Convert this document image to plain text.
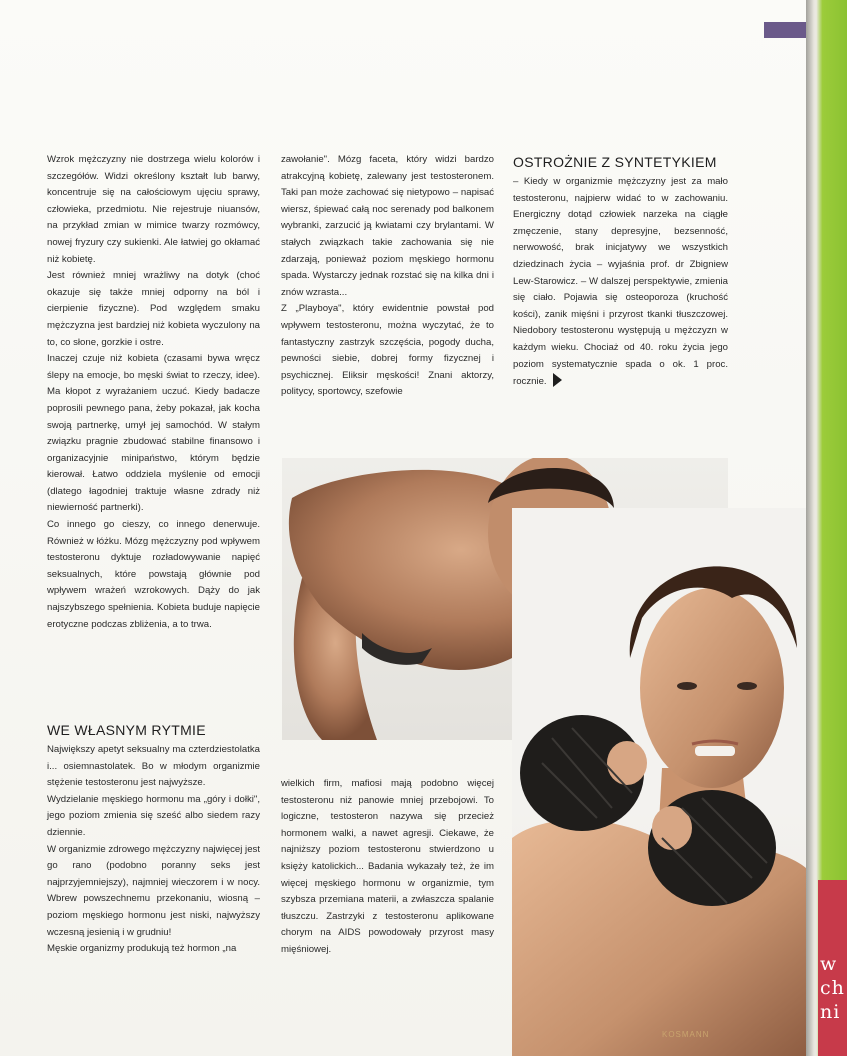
Wzrok mężczyzny nie dostrzega wielu kolorów i szczegółów. Widzi określony kształt lub barwy, koncentruje się na całościowym ujęciu sprawy, człowieka, przedmiotu. Nie rejestruje niuansów, na przykład zmian w mimice twarzy rozmówcy, nowej fryzury czy sukienki. Ale łatwiej go okłamać niż kobietę.

Jest również mniej wrażliwy na dotyk (choć okazuje się także mniej odporny na ból i cierpienie fizyczne). Pod względem smaku mężczyzna jest bardziej niż kobieta wyczulony na to, co słone, gorzkie i ostre.

Inaczej czuje niż kobieta (czasami bywa wręcz ślepy na emocje, bo męski świat to rzeczy, idee). Ma kłopot z wyrażaniem uczuć. Kiedy badacze poprosili pewnego pana, żeby pokazał, jak kocha swoją partnerkę, umył jej samochód. W stałym związku pragnie zbudować stabilne finansowo i organizacyjnie minipaństwo, którym będzie kierował. Łatwo oddziela myślenie od emocji (dlatego łagodniej traktuje własne zdrady niż niewierność partnerki).

Co innego go cieszy, co innego denerwuje. Również w łóżku. Mózg mężczyzny pod wpływem testosteronu dyktuje rozładowywanie napięć seksualnych, które powstają głównie pod wpływem wrażeń wzrokowych. Dąży do jak najszybszego spełnienia. Kobieta buduje napięcie erotyczne podczas zbliżenia, a to trwa.

WE WŁASNYM RYTMIE

Największy apetyt seksualny ma czterdziestolatka i... osiemnastolatek. Bo w młodym organizmie stężenie testosteronu jest najwyższe.

Wydzielanie męskiego hormonu ma „góry i dołki", jego poziom zmienia się sześć albo siedem razy dziennie.

W organizmie zdrowego mężczyzny najwięcej jest go rano (podobno poranny seks jest najprzyjemniejszy), najmniej wieczorem i w nocy. Wbrew powszechnemu przekonaniu, wiosną – poziom męskiego hormonu jest niski, najwyższy wczesną jesienią i w grudniu!

Męskie organizmy produkują też hormon „na

zawołanie". Mózg faceta, który widzi bardzo atrakcyjną kobietę, zalewany jest testosteronem. Taki pan może zachować się nietypowo – napisać wiersz, śpiewać całą noc serenady pod balkonem wybranki, zarzucić ją kwiatami czy brylantami. W stałych związkach takie zachowania się nie zdarzają, ponieważ poziom męskiego hormonu spada. Wystarczy jednak rozstać się na kilka dni i znów wzrasta...

Z „Playboya", który ewidentnie powstał pod wpływem testosteronu, można wyczytać, że to fantastyczny zastrzyk szczęścia, pogody ducha, pewności siebie, dobrej formy fizycznej i psychicznej. Eliksir męskości! Znani aktorzy, politycy, sportowcy, szefowie

wielkich firm, mafiosi mają podobno więcej testosteronu niż panowie mniej przebojowi. To logiczne, testosteron nazywa się przecież hormonem walki, a nawet agresji. Ciekawe, że najniższy poziom testosteronu stwierdzono u księży katolickich... Badania wykazały też, że im więcej męskiego hormonu w organizmie, tym szybsza przemiana materii, a zwłaszcza spalanie tłuszczu. Zastrzyki z testosteronu aplikowane chorym na AIDS powodowały przyrost masy mięśniowej.

OSTROŻNIE Z SYNTETYKIEM

– Kiedy w organizmie mężczyzny jest za mało testosteronu, najpierw widać to w zachowaniu. Energiczny dotąd człowiek narzeka na ciągłe zmęczenie, stany depresyjne, bezsenność, nerwowość, brak inicjatywy we wszystkich dziedzinach życia – wyjaśnia prof. dr Zbigniew Lew-Starowicz. – W dalszej perspektywie, zmienia się ciało. Pojawia się osteoporoza (kruchość kości), zanik mięśni i przyrost tkanki tłuszczowej. Niedobory testosteronu występują u mężczyzn w każdym wieku. Chociaż od 40. roku życia jego poziom systematycznie spada o ok. 1 proc. rocznie.

KOSMANN
w
ch
ni
